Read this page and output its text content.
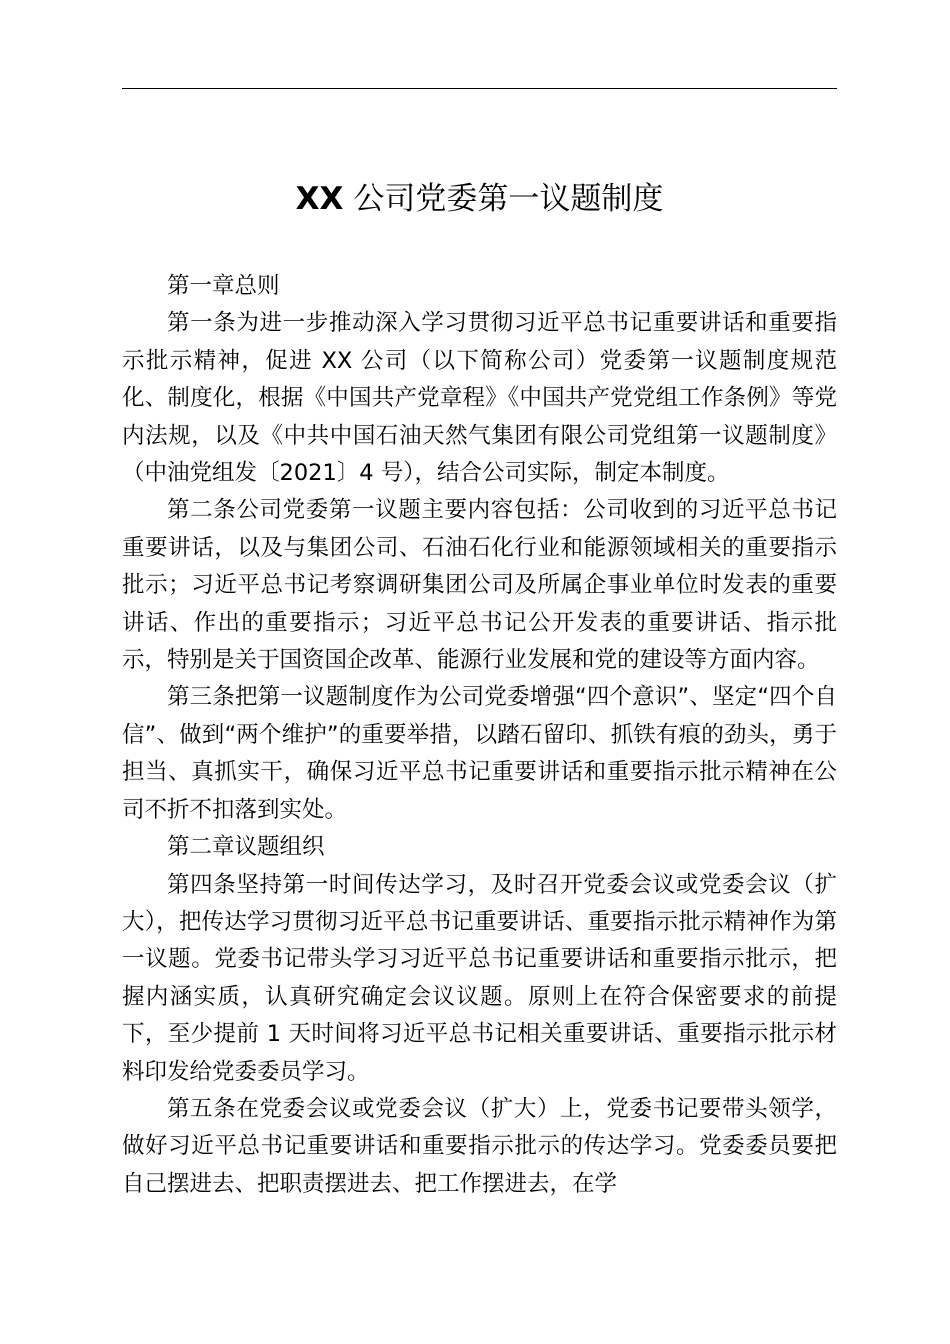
XX 公司党委第一议题制度

第一章总则

第一条为进一步推动深入学习贯彻习近平总书记重要讲话和重要指示批示精神，促进 XX 公司（以下简称公司）党委第一议题制度规范化、制度化，根据《中国共产党章程》《中国共产党党组工作条例》等党内法规，以及《中共中国石油天然气集团有限公司党组第一议题制度》（中油党组发〔2021〕4 号），结合公司实际，制定本制度。

第二条公司党委第一议题主要内容包括：公司收到的习近平总书记重要讲话，以及与集团公司、石油石化行业和能源领域相关的重要指示批示；习近平总书记考察调研集团公司及所属企事业单位时发表的重要讲话、作出的重要指示；习近平总书记公开发表的重要讲话、指示批示，特别是关于国资国企改革、能源行业发展和党的建设等方面内容。

第三条把第一议题制度作为公司党委增强“四个意识”、坚定“四个自信”、做到“两个维护”的重要举措，以踏石留印、抓铁有痕的劲头，勇于担当、真抓实干，确保习近平总书记重要讲话和重要指示批示精神在公司不折不扣落到实处。

第二章议题组织

第四条坚持第一时间传达学习，及时召开党委会议或党委会议（扩大），把传达学习贯彻习近平总书记重要讲话、重要指示批示精神作为第一议题。党委书记带头学习习近平总书记重要讲话和重要指示批示，把握内涵实质，认真研究确定会议议题。原则上在符合保密要求的前提下，至少提前 1 天时间将习近平总书记相关重要讲话、重要指示批示材料印发给党委委员学习。

第五条在党委会议或党委会议（扩大）上，党委书记要带头领学，做好习近平总书记重要讲话和重要指示批示的传达学习。党委委员要把自己摆进去、把职责摆进去、把工作摆进去，在学
